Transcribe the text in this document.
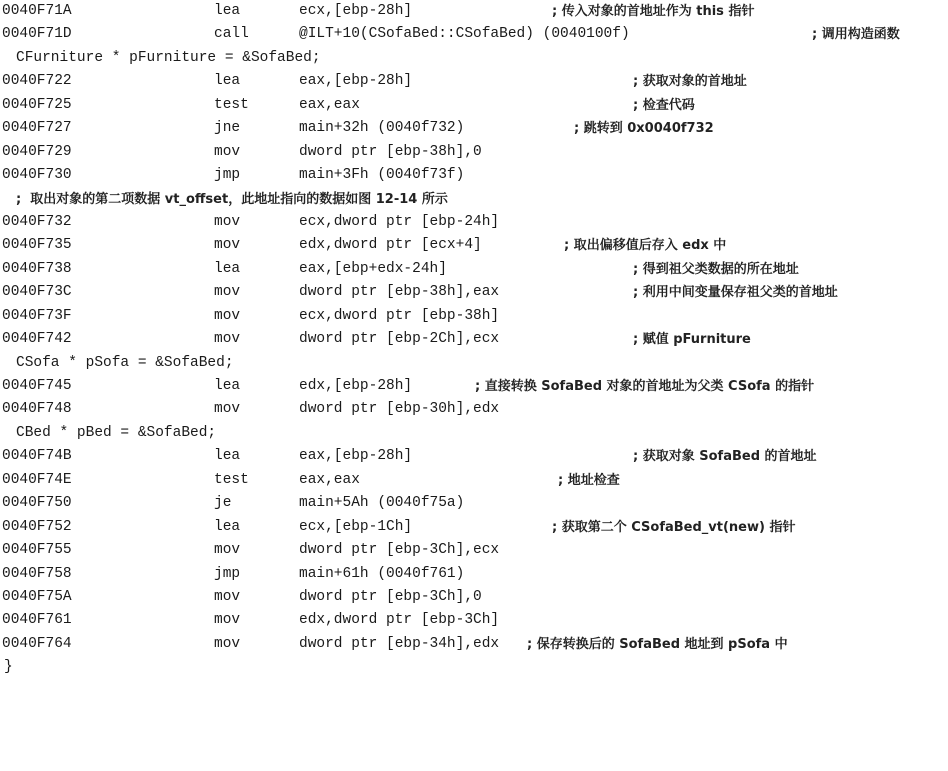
0040F71A	lea	ecx,[ebp-28h]	; 传入对象的首地址作为 this 指针
0040F71D	call	@ILT+10(CSofaBed::CSofaBed) (0040100f)	; 调用构造函数
CFurniture * pFurniture = &SofaBed;
0040F722	lea	eax,[ebp-28h]	; 获取对象的首地址
0040F725	test	eax,eax	; 检查代码
0040F727	jne	main+32h (0040f732)	; 跳转到 0x0040f732
0040F729	mov	dword ptr [ebp-38h],0
0040F730	jmp	main+3Fh (0040f73f)
;  取出对象的第二项数据 vt_offset，此地址指向的数据如图 12-14 所示
0040F732	mov	ecx,dword ptr [ebp-24h]
0040F735	mov	edx,dword ptr [ecx+4]	; 取出偏移值后存入 edx 中
0040F738	lea	eax,[ebp+edx-24h]	; 得到祖父类数据的所在地址
0040F73C	mov	dword ptr [ebp-38h],eax	; 利用中间变量保存祖父类的首地址
0040F73F	mov	ecx,dword ptr [ebp-38h]
0040F742	mov	dword ptr [ebp-2Ch],ecx	; 赋值 pFurniture
CSofa * pSofa = &SofaBed;
0040F745	lea	edx,[ebp-28h]	; 直接转换 SofaBed 对象的首地址为父类 CSofa 的指针
0040F748	mov	dword ptr [ebp-30h],edx
CBed * pBed = &SofaBed;
0040F74B	lea	eax,[ebp-28h]	; 获取对象 SofaBed 的首地址
0040F74E	test	eax,eax	; 地址检查
0040F750	je	main+5Ah (0040f75a)
0040F752	lea	ecx,[ebp-1Ch]	; 获取第二个 CSofaBed_vt(new) 指针
0040F755	mov	dword ptr [ebp-3Ch],ecx
0040F758	jmp	main+61h (0040f761)
0040F75A	mov	dword ptr [ebp-3Ch],0
0040F761	mov	edx,dword ptr [ebp-3Ch]
0040F764	mov	dword ptr [ebp-34h],edx ; 保存转换后的 SofaBed 地址到 pSofa 中
}
